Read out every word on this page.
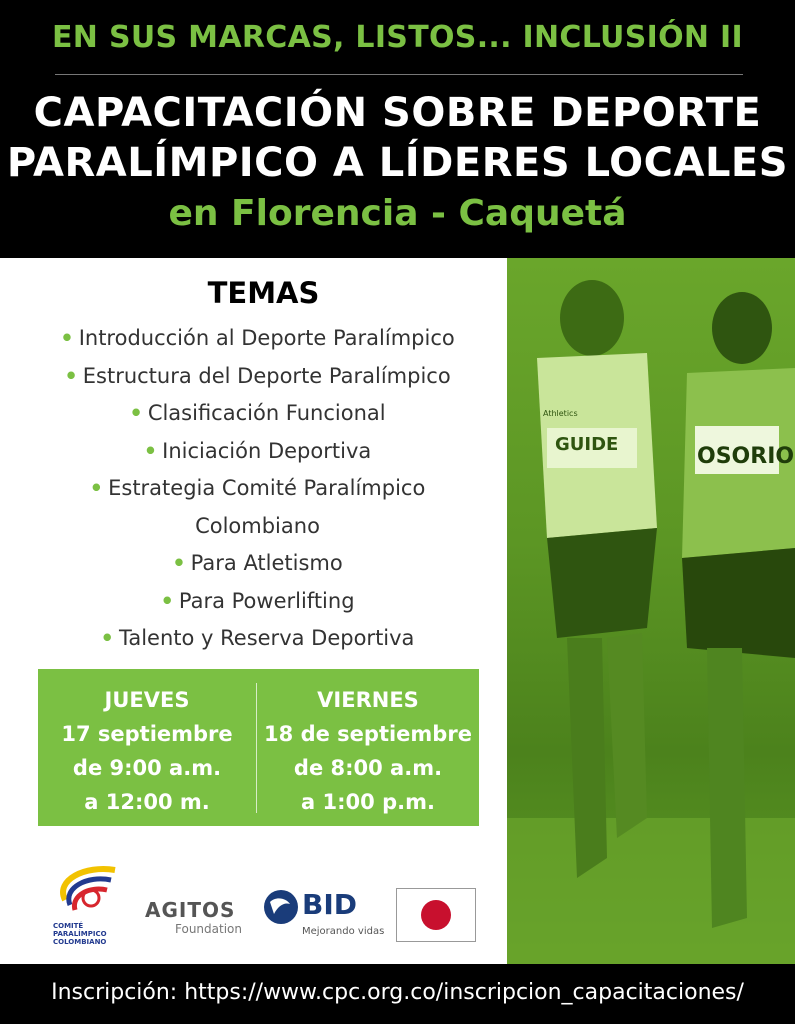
EN SUS MARCAS, LISTOS... INCLUSIÓN II
CAPACITACIÓN SOBRE DEPORTE
PARALÍMPICO A LÍDERES LOCALES
en Florencia - Caquetá
TEMAS
• Introducción al Deporte Paralímpico
• Estructura del Deporte Paralímpico
• Clasificación Funcional
• Iniciación Deportiva
• Estrategia Comité Paralímpico
Colombiano
• Para Atletismo
• Para Powerlifting
• Talento y Reserva Deportiva
JUEVES
17 septiembre
de 9:00 a.m.
a 12:00 m.
VIERNES
18 de septiembre
de 8:00 a.m.
a 1:00 p.m.
COMITÉ
PARALÍMPICO
COLOMBIANO
AGITOS
Foundation
BID
Mejorando vidas
GUIDE
Athletics
OSORIO
Inscripción: https://www.cpc.org.co/inscripcion_capacitaciones/
